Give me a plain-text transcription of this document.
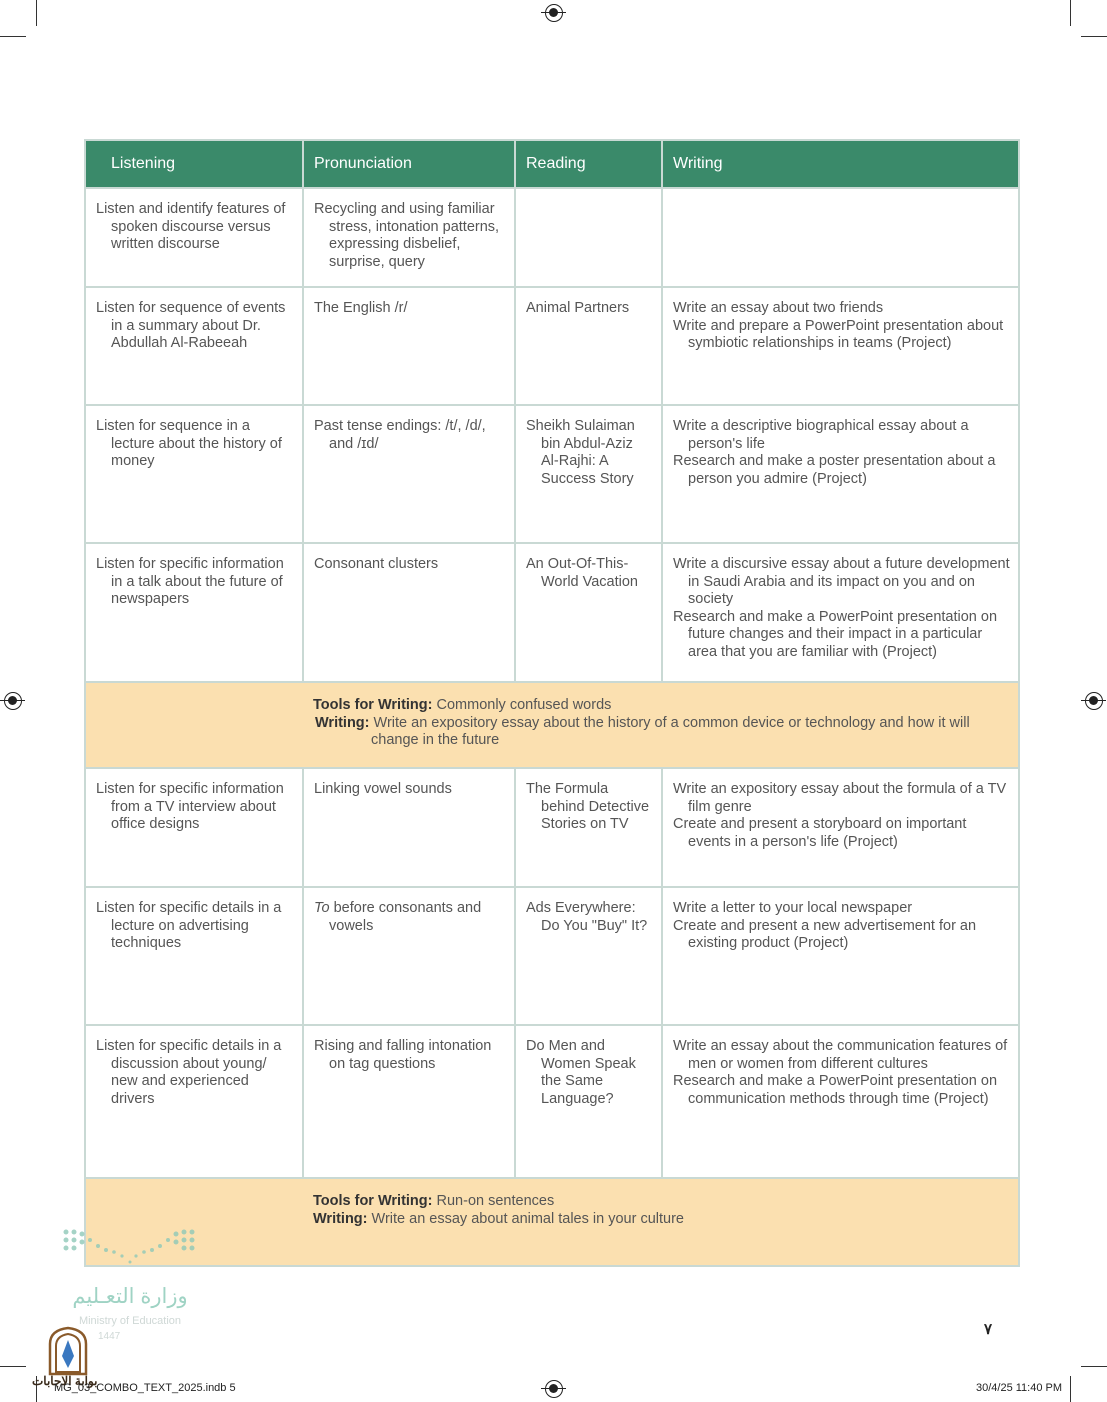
Listening	Pronunciation	Reading	Writing

Listen and identify features of spoken discourse versus written discourse	Recycling and using familiar stress, intonation patterns, expressing disbelief, surprise, query		

Listen for sequence of events in a summary about Dr. Abdullah Al-Rabeeah	The English /r/	Animal Partners	Write an essay about two friends
Write and prepare a PowerPoint presentation about symbiotic relationships in teams (Project)

Listen for sequence in a lecture about the history of money	Past tense endings: /t/, /d/, and /ɪd/	Sheikh Sulaiman bin Abdul-Aziz Al-Rajhi: A Success Story	Write a descriptive biographical essay about a person's life
Research and make a poster presentation about a person you admire (Project)

Listen for specific information in a talk about the future of newspapers	Consonant clusters	An Out-Of-This-World Vacation	Write a discursive essay about a future development in Saudi Arabia and its impact on you and on society
Research and make a PowerPoint presentation on future changes and their impact in a particular area that you are familiar with (Project)

Tools for Writing: Commonly confused words
Writing: Write an expository essay about the history of a common device or technology and how it will change in the future			

Listen for specific information from a TV interview about office designs	Linking vowel sounds	The Formula behind Detective Stories on TV	Write an expository essay about the formula of a TV film genre
Create and present a storyboard on important events in a person's life (Project)

Listen for specific details in a lecture on advertising techniques	To before consonants and vowels	Ads Everywhere: Do You "Buy" It?	Write a letter to your local newspaper
Create and present a new advertisement for an existing product (Project)

Listen for specific details in a discussion about young/ new and experienced drivers	Rising and falling intonation on tag questions	Do Men and Women Speak the Same Language?	Write an essay about the communication features of men or women from different cultures
Research and make a PowerPoint presentation on communication methods through time (Project)

Tools for Writing: Run-on sentences
Writing: Write an essay about animal tales in your culture			
وزارة التعـليم
Ministry of Education
1447
بوابة الاجابات
٧
MG_03_COMBO_TEXT_2025.indb 5	30/4/25 11:40 PM
